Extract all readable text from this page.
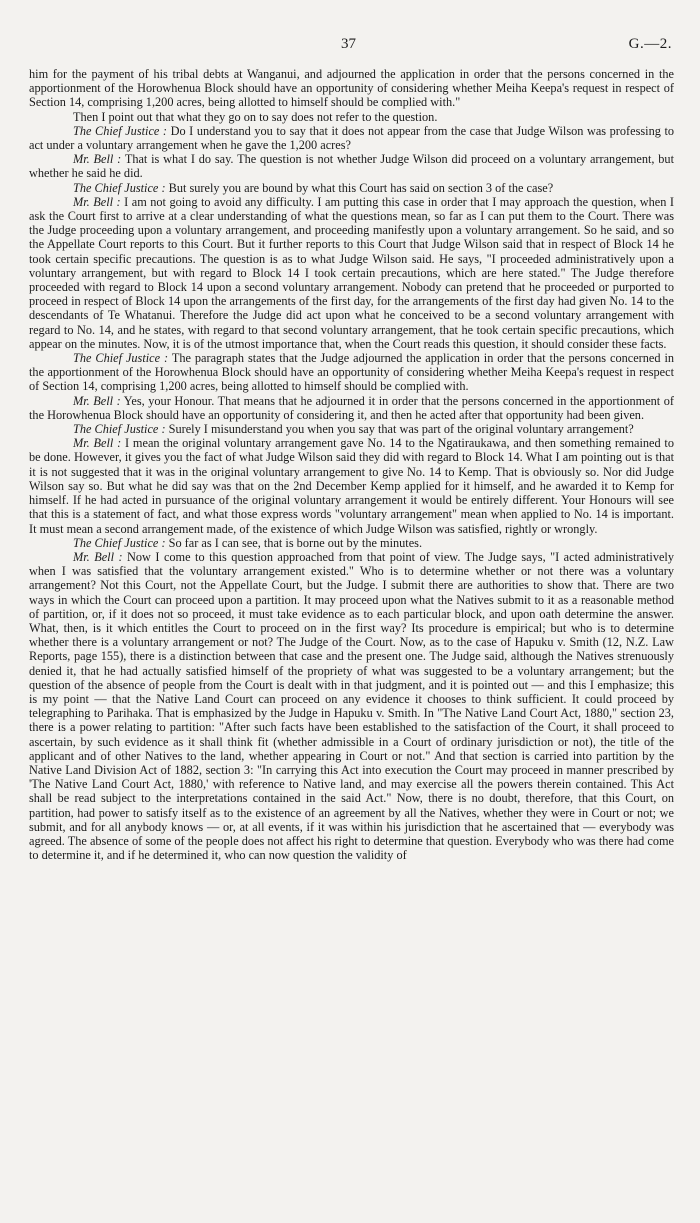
37	G.—2.

him for the payment of his tribal debts at Wanganui, and adjourned the application in order that the persons concerned in the apportionment of the Horowhenua Block should have an opportunity of considering whether Meiha Keepa's request in respect of Section 14, comprising 1,200 acres, being allotted to himself should be complied with."

Then I point out that what they go on to say does not refer to the question.

The Chief Justice : Do I understand you to say that it does not appear from the case that Judge Wilson was professing to act under a voluntary arrangement when he gave the 1,200 acres?

Mr. Bell : That is what I do say. The question is not whether Judge Wilson did proceed on a voluntary arrangement, but whether he said he did.

The Chief Justice : But surely you are bound by what this Court has said on section 3 of the case?

Mr. Bell : I am not going to avoid any difficulty. I am putting this case in order that I may approach the question, when I ask the Court first to arrive at a clear understanding of what the questions mean, so far as I can put them to the Court. There was the Judge proceeding upon a voluntary arrangement, and proceeding manifestly upon a voluntary arrangement. So he said, and so the Appellate Court reports to this Court. But it further reports to this Court that Judge Wilson said that in respect of Block 14 he took certain specific precautions. The question is as to what Judge Wilson said. He says, "I proceeded administratively upon a voluntary arrangement, but with regard to Block 14 I took certain precautions, which are here stated." The Judge therefore proceeded with regard to Block 14 upon a second voluntary arrangement. Nobody can pretend that he proceeded or purported to proceed in respect of Block 14 upon the arrangements of the first day, for the arrangements of the first day had given No. 14 to the descendants of Te Whatanui. Therefore the Judge did act upon what he conceived to be a second voluntary arrangement with regard to No. 14, and he states, with regard to that second voluntary arrangement, that he took certain specific precautions, which appear on the minutes. Now, it is of the utmost importance that, when the Court reads this question, it should consider these facts.

The Chief Justice : The paragraph states that the Judge adjourned the application in order that the persons concerned in the apportionment of the Horowhenua Block should have an opportunity of considering whether Meiha Keepa's request in respect of Section 14, comprising 1,200 acres, being allotted to himself should be complied with.

Mr. Bell : Yes, your Honour. That means that he adjourned it in order that the persons concerned in the apportionment of the Horowhenua Block should have an opportunity of considering it, and then he acted after that opportunity had been given.

The Chief Justice : Surely I misunderstand you when you say that was part of the original voluntary arrangement?

Mr. Bell : I mean the original voluntary arrangement gave No. 14 to the Ngatiraukawa, and then something remained to be done. However, it gives you the fact of what Judge Wilson said they did with regard to Block 14. What I am pointing out is that it is not suggested that it was in the original voluntary arrangement to give No. 14 to Kemp. That is obviously so. Nor did Judge Wilson say so. But what he did say was that on the 2nd December Kemp applied for it himself, and he awarded it to Kemp for himself. If he had acted in pursuance of the original voluntary arrangement it would be entirely different. Your Honours will see that this is a statement of fact, and what those express words "voluntary arrangement" mean when applied to No. 14 is important. It must mean a second arrangement made, of the existence of which Judge Wilson was satisfied, rightly or wrongly.

The Chief Justice : So far as I can see, that is borne out by the minutes.

Mr. Bell : Now I come to this question approached from that point of view. The Judge says, "I acted administratively when I was satisfied that the voluntary arrangement existed." Who is to determine whether or not there was a voluntary arrangement? Not this Court, not the Appellate Court, but the Judge. I submit there are authorities to show that. There are two ways in which the Court can proceed upon a partition. It may proceed upon what the Natives submit to it as a reasonable method of partition, or, if it does not so proceed, it must take evidence as to each particular block, and upon oath determine the answer. What, then, is it which entitles the Court to proceed on in the first way? Its procedure is empirical; but who is to determine whether there is a voluntary arrangement or not? The Judge of the Court. Now, as to the case of Hapuku v. Smith (12, N.Z. Law Reports, page 155), there is a distinction between that case and the present one. The Judge said, although the Natives strenuously denied it, that he had actually satisfied himself of the propriety of what was suggested to be a voluntary arrangement; but the question of the absence of people from the Court is dealt with in that judgment, and it is pointed out — and this I emphasize; this is my point — that the Native Land Court can proceed on any evidence it chooses to think sufficient. It could proceed by telegraphing to Parihaka. That is emphasized by the Judge in Hapuku v. Smith. In "The Native Land Court Act, 1880," section 23, there is a power relating to partition: "After such facts have been established to the satisfaction of the Court, it shall proceed to ascertain, by such evidence as it shall think fit (whether admissible in a Court of ordinary jurisdiction or not), the title of the applicant and of other Natives to the land, whether appearing in Court or not." And that section is carried into partition by the Native Land Division Act of 1882, section 3: "In carrying this Act into execution the Court may proceed in manner prescribed by 'The Native Land Court Act, 1880,' with reference to Native land, and may exercise all the powers therein contained. This Act shall be read subject to the interpretations contained in the said Act." Now, there is no doubt, therefore, that this Court, on partition, had power to satisfy itself as to the existence of an agreement by all the Natives, whether they were in Court or not; we submit, and for all anybody knows — or, at all events, if it was within his jurisdiction that he ascertained that — everybody was agreed. The absence of some of the people does not affect his right to determine that question. Everybody who was there had come to determine it, and if he determined it, who can now question the validity of
